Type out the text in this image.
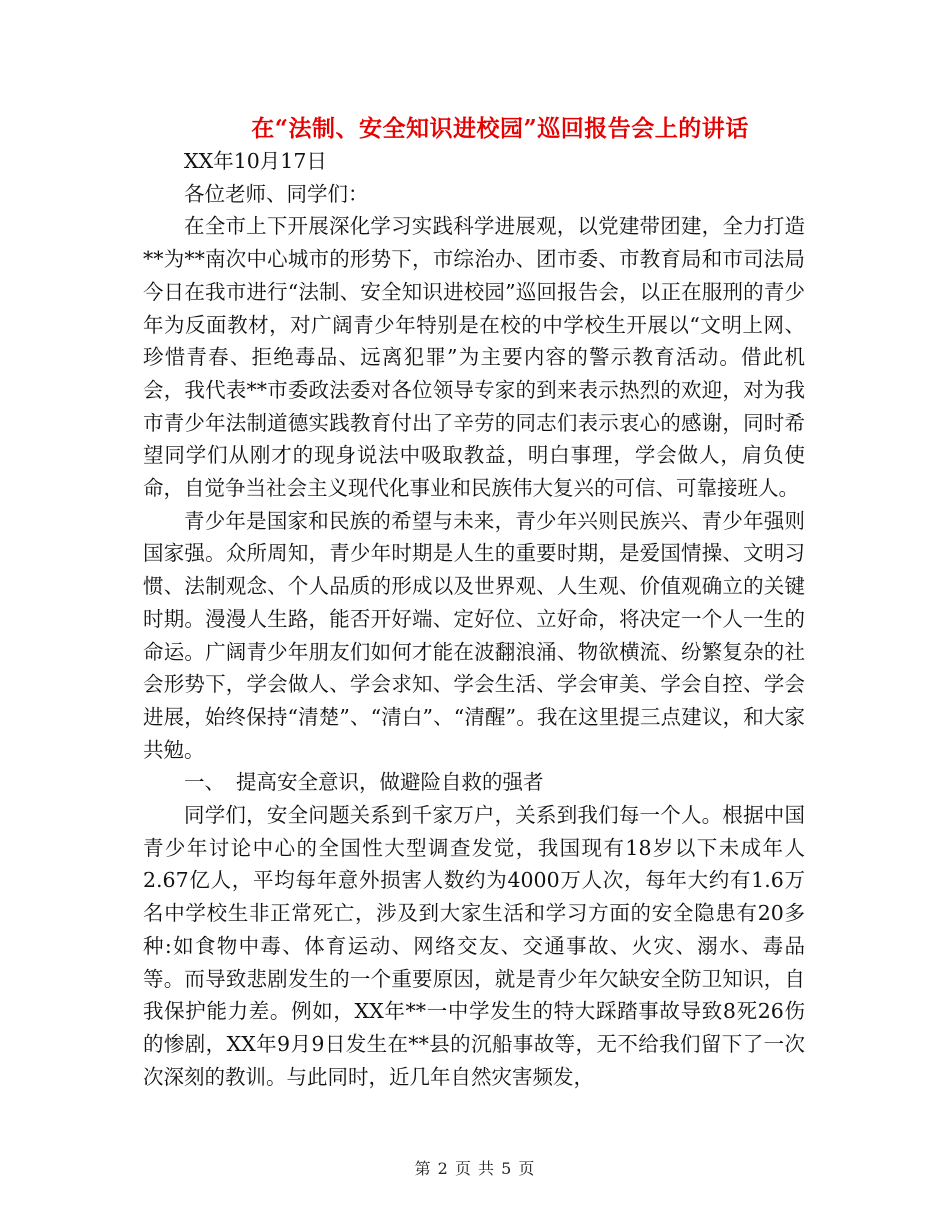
在“法制、安全知识进校园”巡回报告会上的讲话

XX年10月17日

各位老师、同学们：

在全市上下开展深化学习实践科学进展观，以党建带团建，全力打造**为**南次中心城市的形势下，市综治办、团市委、市教育局和市司法局今日在我市进行“法制、安全知识进校园”巡回报告会，以正在服刑的青少年为反面教材，对广阔青少年特别是在校的中学校生开展以“文明上网、珍惜青春、拒绝毒品、远离犯罪”为主要内容的警示教育活动。借此机会，我代表**市委政法委对各位领导专家的到来表示热烈的欢迎，对为我市青少年法制道德实践教育付出了辛劳的同志们表示衷心的感谢，同时希望同学们从刚才的现身说法中吸取教益，明白事理，学会做人，肩负使命，自觉争当社会主义现代化事业和民族伟大复兴的可信、可靠接班人。

青少年是国家和民族的希望与未来，青少年兴则民族兴、青少年强则国家强。众所周知，青少年时期是人生的重要时期，是爱国情操、文明习惯、法制观念、个人品质的形成以及世界观、人生观、价值观确立的关键时期。漫漫人生路，能否开好端、定好位、立好命，将决定一个人一生的命运。广阔青少年朋友们如何才能在波翻浪涌、物欲横流、纷繁复杂的社会形势下，学会做人、学会求知、学会生活、学会审美、学会自控、学会进展，始终保持“清楚”、“清白”、“清醒”。我在这里提三点建议，和大家共勉。

一、 提高安全意识，做避险自救的强者

同学们，安全问题关系到千家万户，关系到我们每一个人。根据中国青少年讨论中心的全国性大型调查发觉，我国现有18岁以下未成年人2.67亿人，平均每年意外损害人数约为4000万人次，每年大约有1.6万名中学校生非正常死亡，涉及到大家生活和学习方面的安全隐患有20多种:如食物中毒、体育运动、网络交友、交通事故、火灾、溺水、毒品等。而导致悲剧发生的一个重要原因，就是青少年欠缺安全防卫知识，自我保护能力差。例如，XX年**一中学发生的特大踩踏事故导致8死26伤的惨剧，XX年9月9日发生在**县的沉船事故等，无不给我们留下了一次次深刻的教训。与此同时，近几年自然灾害频发，

第 2 页 共 5 页
